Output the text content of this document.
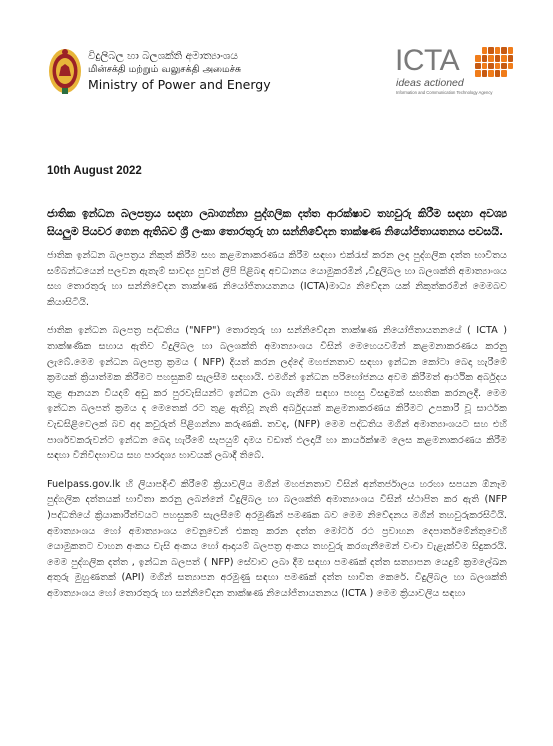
විදුලිබල හා බලශක්ති අමාත්‍යාංශය
மின்சக்தி மற்றும் வலுசக்தி அமைச்சு
Ministry of Power and Energy
ICTA
ideas actioned
Information and Communication Technology Agency
10th August 2022

ජාතික ඉන්ධන බලපත්‍රය සඳහා ලබාගන්නා පුද්ගලික දත්ත ආරක්ෂාව තහවුරු කිරීම සඳහා අවශ්‍ය සියලුම පියවර ගෙන ඇතිබව ශ්‍රී ලංකා තොරතුරු හා සන්නිවේදන තාක්ෂණ නියෝජිතායතනය පවසයි.

ජාතික ඉන්ධන බලපත්‍රය නිකුත් කිරීම සහ කළමනාකරණය කිරීම සඳහා එක්රැස් කරන ලද පුද්ගලික දත්ත භාවිතය සම්බන්ධයෙන් පලවන ඇතැම් සාවද්‍ය පුවත් ලිපි පිළිබඳ අවධානය යොමුකරමින් ,විදුලිබල හා බලශක්ති අමාත්‍යාංශය සහ තොරතුරු හා සන්නිවේදන තාක්ෂණ නියෝජිතායතනය (ICTA)මාධ්‍ය නිවේදන යක් නිකුත්කරමින් මෙමබව කියාසිටියි.

ජාතික ඉන්ධන බලපත්‍ර පද්ධතිය ("NFP") තොරතුරු හා සන්නිවේදන තාක්ෂණ නියෝජිතායතනයේ ( ICTA ) තාක්ෂණික සහාය ඇතිව විදුලිබල හා බලශක්ති අමාත්‍යාංශය විසින් මෙහෙයවමින් කළමනාකරණය කරනු ලැබේ.මෙම ඉන්ධන බලපත්‍ර ක්‍රමය ( NFP) දියත් කරන ලද්දේ මහජනතාව සඳහා ඉන්ධන කෝටා බෙදා හැරීමේ ක්‍රමයක් ක්‍රියාත්මක කිරීමට පහසුකම් සැලසීම සඳහායි. එමගින් ඉන්ධන පරිභෝජනය අවම කිරීමත් ආර්ථික අර්බුදය තුළ ආනයන වියදම් අඩු කර පුරවැසියන්ට ඉන්ධන ලබා ගැනීම සඳහා පහසු විසඳුමක් සහතික කරනලදී. මෙම ඉන්ධන බලපත් ක්‍රමය ද මෙතෙක් රට තුළ ඇතිවූ නැති අර්බුදයක් කළමනාකරණය කිරීමට උපකාරී වූ සාර්ථක වැඩසිළිවෙලක් බව අද කවුරුත් පිළිගන්නා කරුණකි. තවද, (NFP) මෙම පද්ධතිය මගින් අමාත්‍යාංශයට සහ එහි පාර්ශවකරුවන්ට ඉන්ධන බෙදා හැරීමේ සැපයුම් දාමය වඩාත් ඵලදායී හා කාර්යක්ෂම ලෙස කළමනාකරණය කිරීම සඳහා විනිවිදභාවය සහ පාරදෘශ්‍ය භාවයක් ලබාදී තිබේ.

Fuelpass.gov.lk හි ලියාපදිංචි කිරීමේ ක්‍රියාවලිය මගින් මහජනතාව විසින් අන්තර්ජාලය හරහා සපයන ඕනෑම පුද්ගලික දත්තයක් භාවිතා කරනු ලබන්නේ විදුලිබල හා බලශක්ති අමාත්‍යාංශය විසින් ස්ථාපිත කර ඇති (NFP )පද්ධතියේ ක්‍රියාකාරීත්වයට පහසුකම් සැලසීමේ අරමුණින් පමණක බව මෙම නිවේදනය මගින් තහවුරුකරසිටියි. අමාත්‍යාංශය හෝ අමාත්‍යාංශය වෙනුවෙන් එකතු කරන දත්ත මෝටර් රථ ප්‍රවාහන දෙපාර්තමේන්තුවෙහි යොමුකතට වාහන අංකය චැසි අංකය හෝ ආදායම් බලපත්‍ර අංකය තහවුරු කරගැනීමෙන් වංචා වැළැක්වීම සිදුකරයි. මෙම පුද්ගලික දත්ත , ඉන්ධන බලපත් ( NFP) සේවාව ලබා දීම සඳහා පමණක් දත්ත සත්‍යාපන යෙදුම් ක්‍රමලේඛන අතුරු මුහුණතක් (API) මගින් සත්‍යාපන අරමුණු සඳහා පමණක් දත්ත භාවිත කෙරේ. විදුලිබල හා බලශක්ති අමාත්‍යාංශය හෝ තොරතුරු හා සන්නිවේදන තාක්ෂණ නියෝජිතායතනය (ICTA ) මෙම ක්‍රියාවලිය සඳහා
